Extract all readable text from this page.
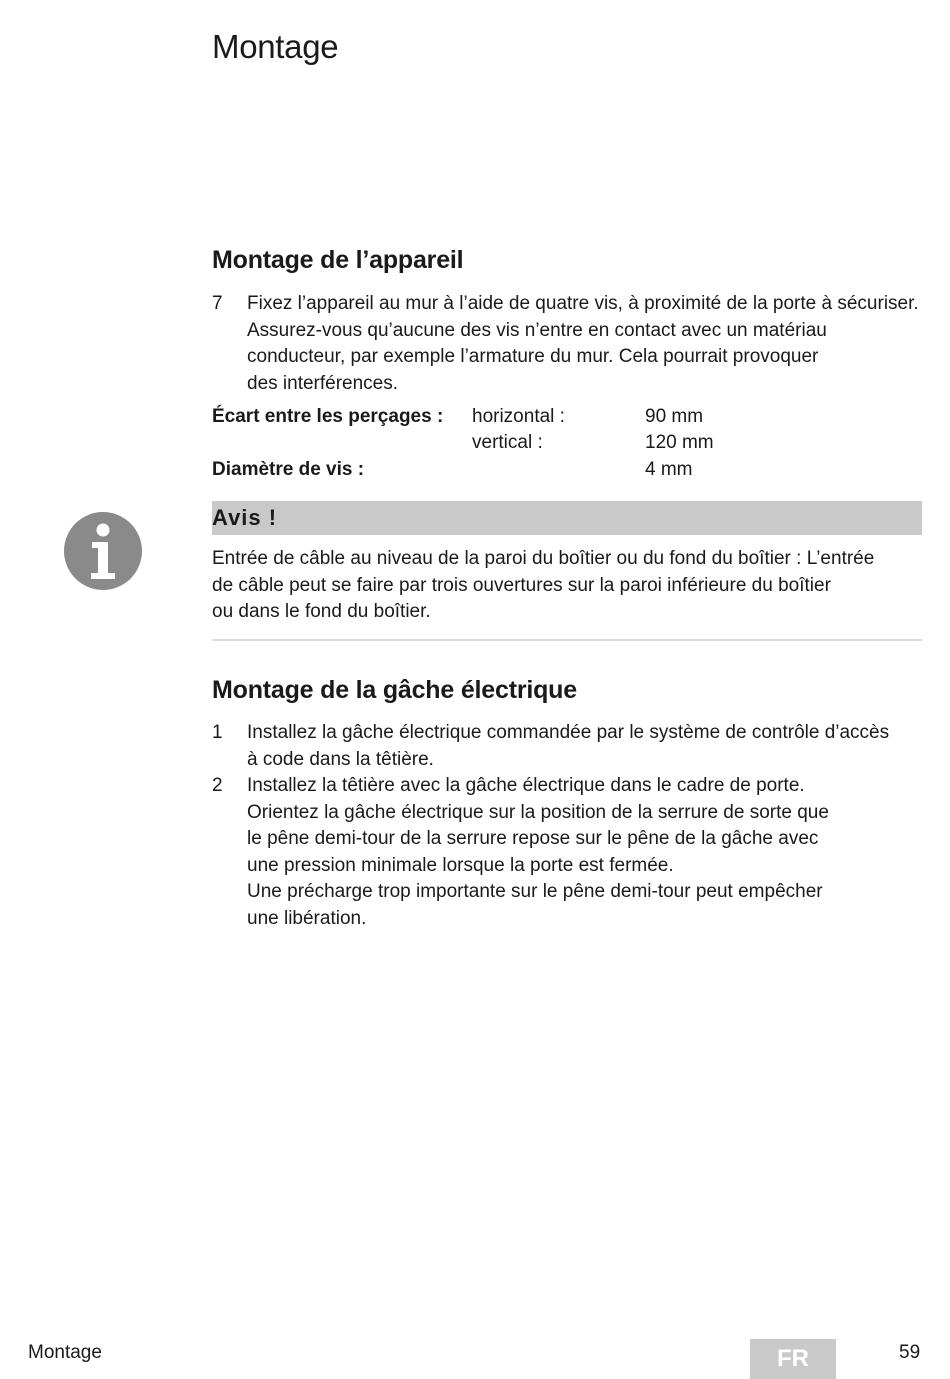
Montage
Montage de l’appareil
7	Fixez l’appareil au mur à l’aide de quatre vis, à proximité de la porte à sécuriser.
Assurez-vous qu’aucune des vis n’entre en contact avec un matériau
conducteur, par exemple l’armature du mur. Cela pourrait provoquer
des interférences.
Écart entre les perçages : horizontal :	90 mm
vertical :	120 mm
Diamètre de vis :	4 mm
Avis !
Entrée de câble au niveau de la paroi du boîtier ou du fond du boîtier : L’entrée
de câble peut se faire par trois ouvertures sur la paroi inférieure du boîtier
ou dans le fond du boîtier.
Montage de la gâche électrique
1	Installez la gâche électrique commandée par le système de contrôle d’accès
à code dans la têtière.
2	Installez la têtière avec la gâche électrique dans le cadre de porte.
Orientez la gâche électrique sur la position de la serrure de sorte que
le pêne demi-tour de la serrure repose sur le pêne de la gâche avec
une pression minimale lorsque la porte est fermée.
Une précharge trop importante sur le pêne demi-tour peut empêcher
une libération.
Montage	FR	59
